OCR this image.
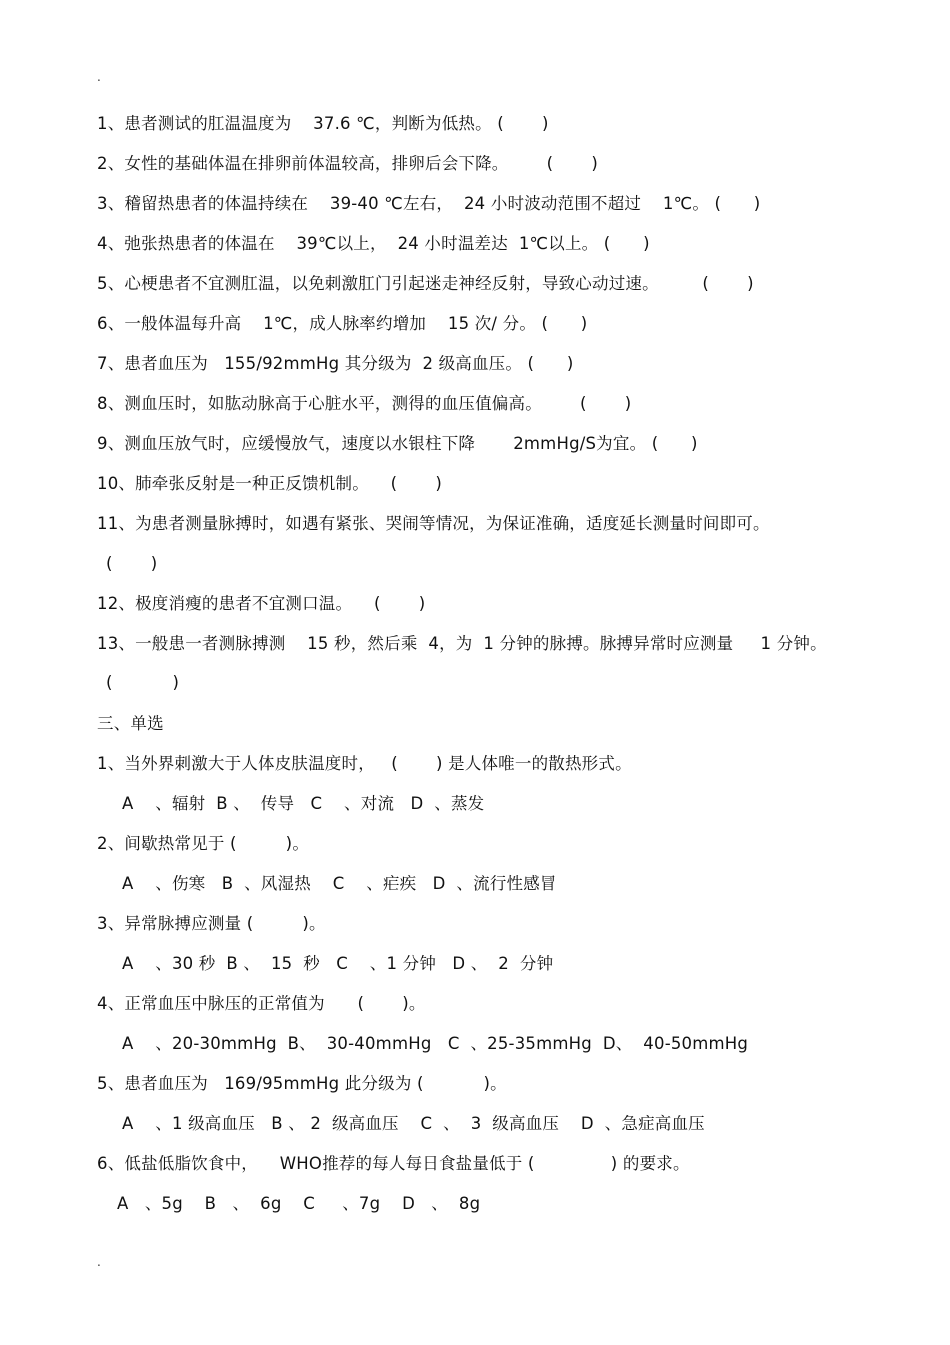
.
1、患者测试的肛温温度为    37.6 ℃，判断为低热。 (       )
2、女性的基础体温在排卵前体温较高，排卵后会下降。       (       )
3、稽留热患者的体温持续在    39-40 ℃左右，  24 小时波动范围不超过    1℃。 (      )
4、弛张热患者的体温在    39℃以上，  24 小时温差达  1℃以上。 (      )
5、心梗患者不宜测肛温，以免刺激肛门引起迷走神经反射，导致心动过速。        (       )
6、一般体温每升高    1℃，成人脉率约增加    15 次/ 分。 (      )
7、患者血压为   155/92mmHg 其分级为  2 级高血压。 (      )
8、测血压时，如肱动脉高于心脏水平，测得的血压值偏高。       (       )
9、测血压放气时，应缓慢放气，速度以水银柱下降       2mmHg/S为宜。 (      )
10、肺牵张反射是一种正反馈机制。    (       )
11、为患者测量脉搏时，如遇有紧张、哭闹等情况，为保证准确，适度延长测量时间即可。
(       )
12、极度消瘦的患者不宜测口温。    (       )
13、一般患一者测脉搏测    15 秒，然后乘  4，为  1 分钟的脉搏。脉搏异常时应测量     1 分钟。
(           )
三、单选
1、当外界刺激大于人体皮肤温度时，   (       ) 是人体唯一的散热形式。
A    、辐射  B 、  传导   C    、对流   D  、蒸发
2、间歇热常见于 (         )。
A    、伤寒   B  、风湿热    C    、疟疾   D  、流行性感冒
3、异常脉搏应测量 (         )。
A    、30 秒  B 、  15  秒   C    、1 分钟   D 、  2  分钟
4、正常血压中脉压的正常值为      (       )。
A    、20-30mmHg  B、  30-40mmHg   C  、25-35mmHg  D、  40-50mmHg
5、患者血压为   169/95mmHg 此分级为 (           )。
A    、1 级高血压   B 、 2  级高血压    C  、  3  级高血压    D  、急症高血压
6、低盐低脂饮食中，    WHO推荐的每人每日食盐量低于 (              ) 的要求。
A   、5g    B   、  6g    C     、7g    D   、  8g
.
